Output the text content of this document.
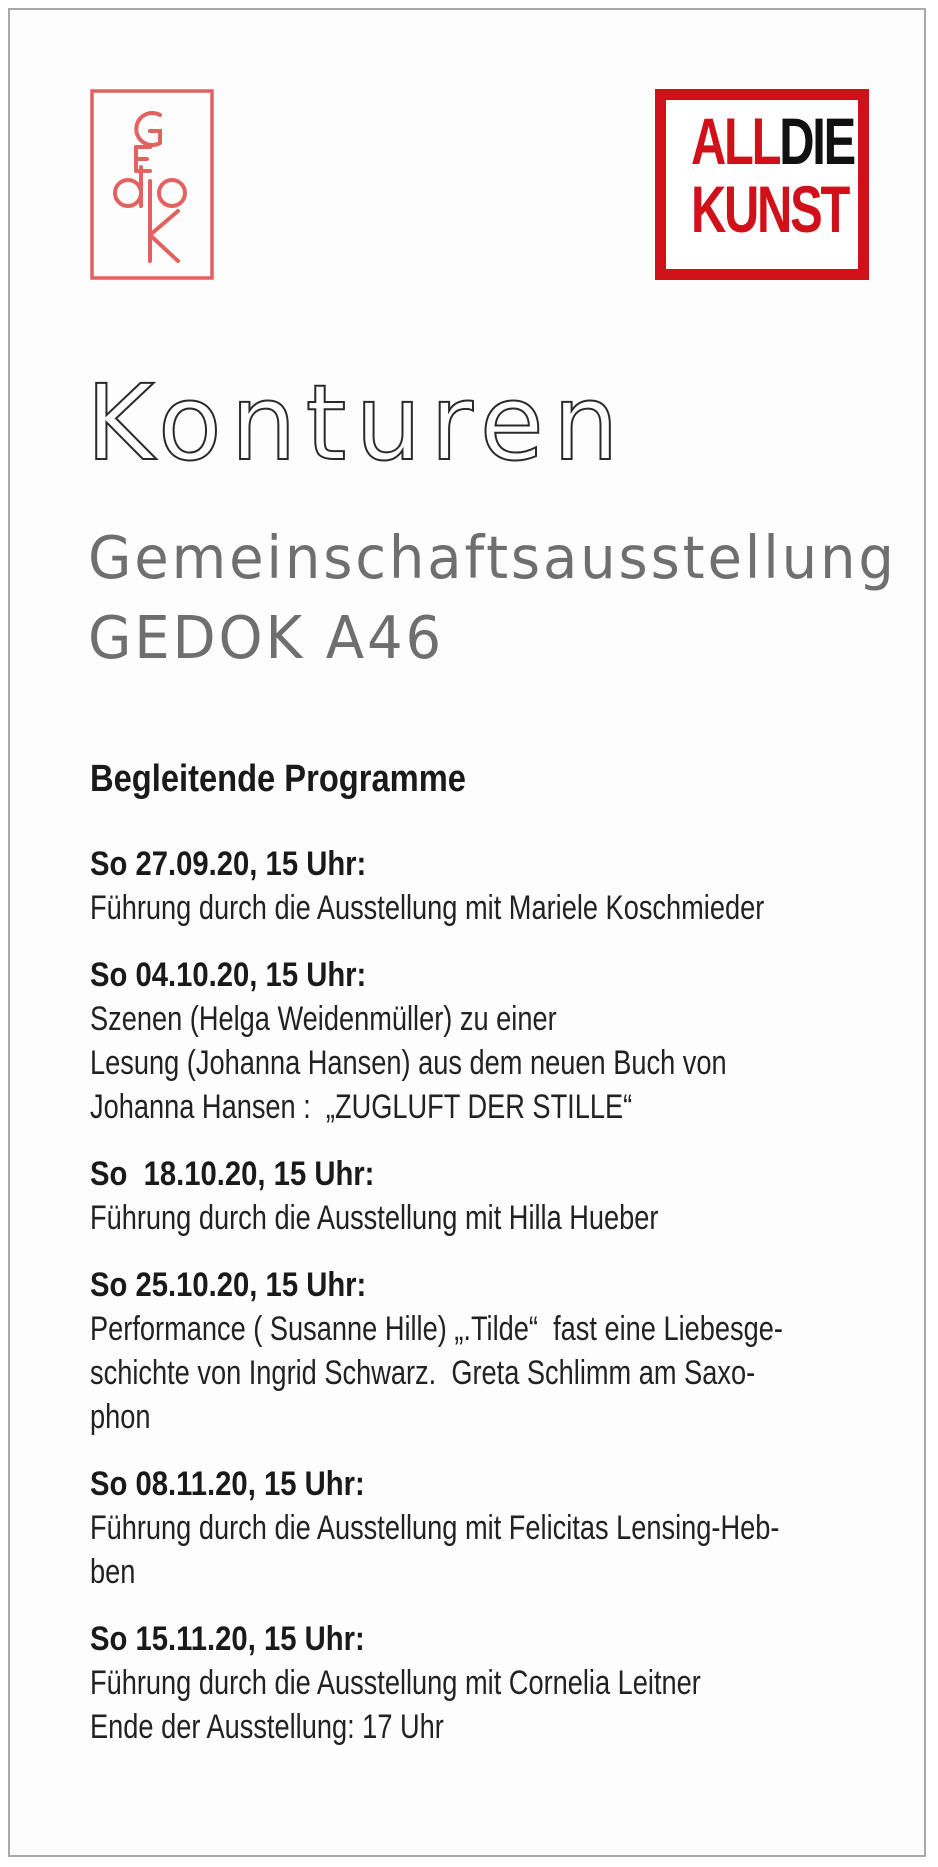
ALLDIE
KUNST
Konturen
Gemeinschaftsausstellung
GEDOK A46
Begleitende Programme
So 27.09.20, 15 Uhr:
Führung durch die Ausstellung mit Mariele Koschmieder
So 04.10.20, 15 Uhr:
Szenen (Helga Weidenmüller) zu einer
Lesung (Johanna Hansen) aus dem neuen Buch von
Johanna Hansen :  „ZUGLUFT DER STILLE“
So  18.10.20, 15 Uhr:
Führung durch die Ausstellung mit Hilla Hueber
So 25.10.20, 15 Uhr:
Performance ( Susanne Hille) „.Tilde“  fast eine Liebesge-
schichte von Ingrid Schwarz.  Greta Schlimm am Saxo-
phon
So 08.11.20, 15 Uhr:
Führung durch die Ausstellung mit Felicitas Lensing-Heb-
ben
So 15.11.20, 15 Uhr:
Führung durch die Ausstellung mit Cornelia Leitner
Ende der Ausstellung: 17 Uhr
